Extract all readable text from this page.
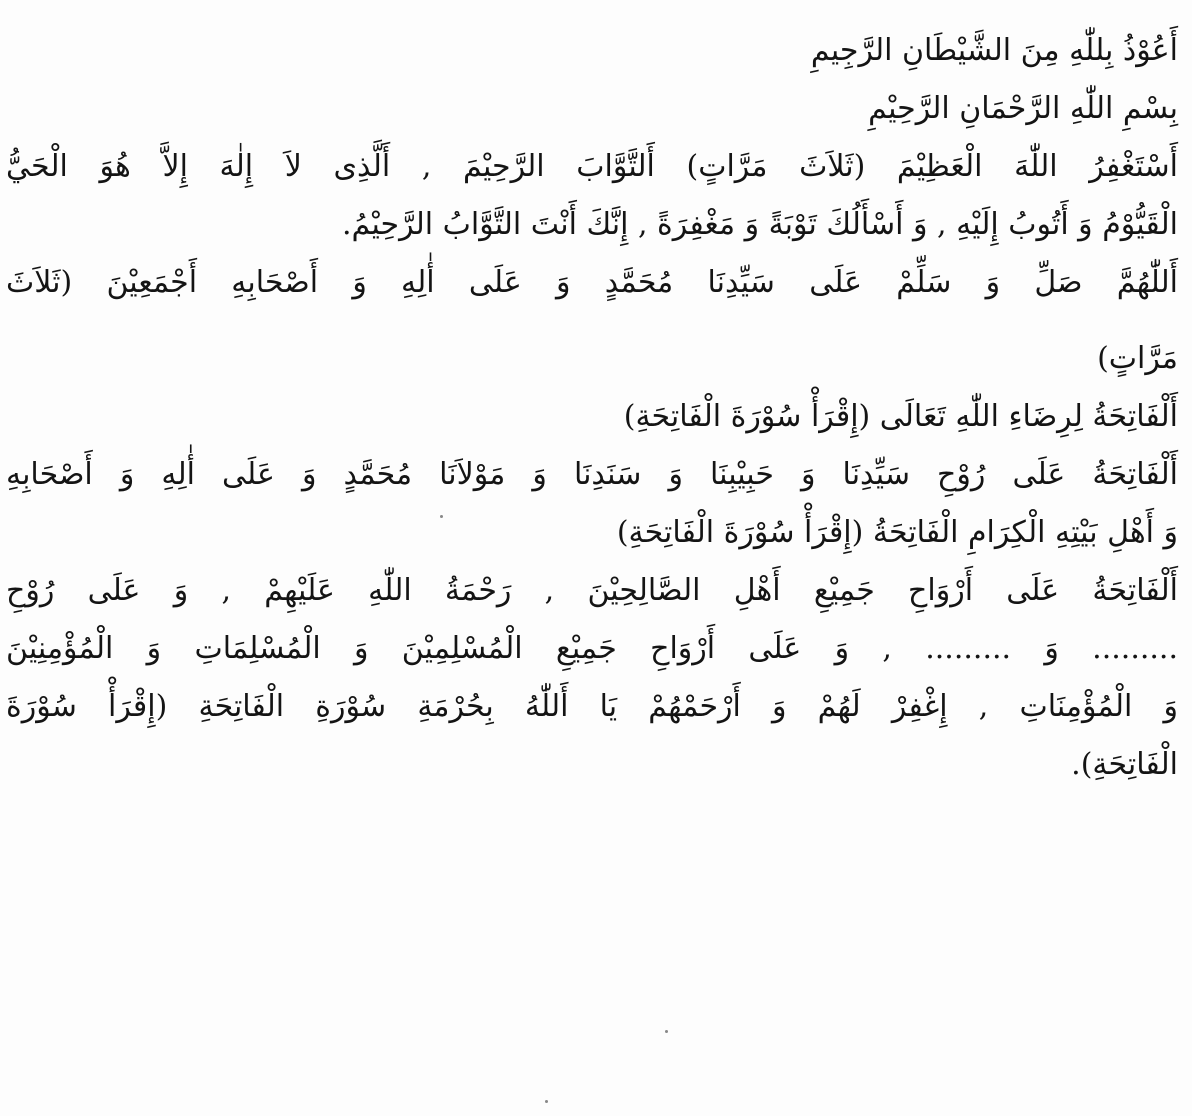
أَعُوْذُ بِللّٰهِ مِنَ الشَّيْطَانِ الرَّجِيمِ
بِسْمِ اللّٰهِ الرَّحْمَانِ الرَّحِيْمِ
أَسْتَغْفِرُ اللّٰهَ الْعَظِيْمَ (ثَلاَثَ مَرَّاتٍ) أَلتَّوَّابَ الرَّحِيْمَ , أَلَّذِى لاَ إِلٰهَ إِلاَّ هُوَ الْحَيُّ
الْقَيُّوْمُ وَ أَتُوبُ إِلَيْهِ , وَ أَسْأَلُكَ تَوْبَةً وَ مَغْفِرَةً , إِنَّكَ أَنْتَ التَّوَّابُ الرَّحِيْمُ.
أَللّٰهُمَّ صَلِّ وَ سَلِّمْ عَلَى سَيِّدِنَا مُحَمَّدٍ وَ عَلَى أٰلِهِ وَ أَصْحَابِهِ أَجْمَعِيْنَ (ثَلاَثَ
مَرَّاتٍ)
أَلْفَاتِحَةُ لِرِضَاءِ اللّٰهِ تَعَالَى (إِقْرَأْ سُوْرَةَ الْفَاتِحَةِ)
أَلْفَاتِحَةُ عَلَى رُوْحِ سَيِّدِنَا وَ حَبِيْبِنَا وَ سَنَدِنَا وَ مَوْلاَنَا مُحَمَّدٍ وَ عَلَى أٰلِهِ وَ أَصْحَابِهِ
وَ أَهْلِ بَيْتِهِ الْكِرَامِ الْفَاتِحَةُ (إِقْرَأْ سُوْرَةَ الْفَاتِحَةِ)
أَلْفَاتِحَةُ عَلَى أَرْوَاحِ جَمِيْعِ أَهْلِ الصَّالِحِيْنَ , رَحْمَةُ اللّٰهِ عَلَيْهِمْ , وَ عَلَى رُوْحِ
......... وَ ......... , وَ عَلَى أَرْوَاحِ جَمِيْعِ الْمُسْلِمِيْنَ وَ الْمُسْلِمَاتِ وَ الْمُؤْمِنِيْنَ
وَ الْمُؤْمِنَاتِ , إِغْفِرْ لَهُمْ وَ أَرْحَمْهُمْ يَا أَللّٰهُ بِحُرْمَةِ سُوْرَةِ الْفَاتِحَةِ (إِقْرَأْ سُوْرَةَ
الْفَاتِحَةِ).
